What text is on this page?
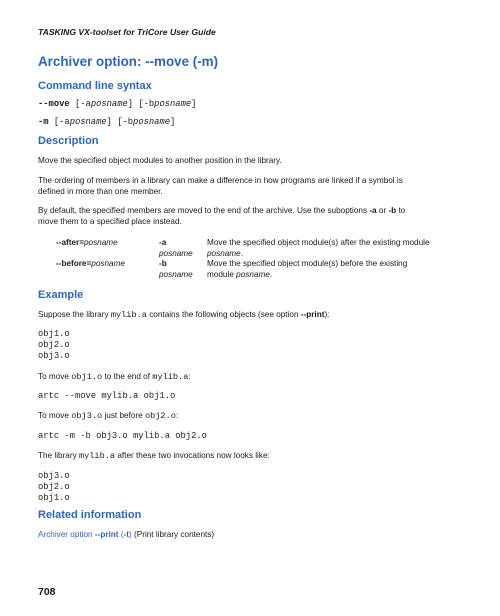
TASKING VX-toolset for TriCore User Guide
Archiver option: --move (-m)
Command line syntax
--move [-aposname] [-bposname]
-m [-aposname] [-bposname]
Description
Move the specified object modules to another position in the library.
The ordering of members in a library can make a difference in how programs are linked if a symbol is
defined in more than one member.
By default, the specified members are moved to the end of the archive. Use the suboptions -a or -b to
move them to a specified place instead.
--after=posname	-a
posname
Move the specified object module(s) after the existing module
posname.
--before=posname	-b
posname
Move the specified object module(s) before the existing
module posname.
Example
Suppose the library mylib.a contains the following objects (see option --print):
obj1.o
obj2.o
obj3.o
To move obj1.o to the end of mylib.a:
artc --move mylib.a obj1.o
To move obj3.o just before obj2.o:
artc -m -b obj3.o mylib.a obj2.o
The library mylib.a after these two invocations now looks like:
obj3.o
obj2.o
obj1.o
Related information
Archiver option --print (-t) (Print library contents)
708
